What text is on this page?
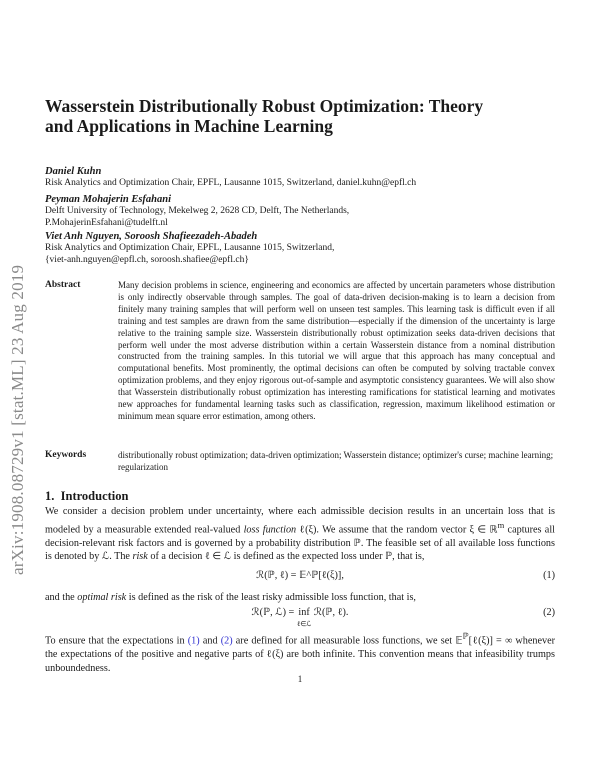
arXiv:1908.08729v1 [stat.ML] 23 Aug 2019
Wasserstein Distributionally Robust Optimization: Theory and Applications in Machine Learning
Daniel Kuhn
Risk Analytics and Optimization Chair, EPFL, Lausanne 1015, Switzerland, daniel.kuhn@epfl.ch
Peyman Mohajerin Esfahani
Delft University of Technology, Mekelweg 2, 2628 CD, Delft, The Netherlands,
P.MohajerinEsfahani@tudelft.nl
Viet Anh Nguyen, Soroosh Shafieezadeh-Abadeh
Risk Analytics and Optimization Chair, EPFL, Lausanne 1015, Switzerland,
{viet-anh.nguyen@epfl.ch, soroosh.shafiee@epfl.ch}
Abstract	Many decision problems in science, engineering and economics are affected by uncertain parameters whose distribution is only indirectly observable through samples. The goal of data-driven decision-making is to learn a decision from finitely many training samples that will perform well on unseen test samples. This learning task is difficult even if all training and test samples are drawn from the same distribution—especially if the dimension of the uncertainty is large relative to the training sample size. Wasserstein distributionally robust optimization seeks data-driven decisions that perform well under the most adverse distribution within a certain Wasserstein distance from a nominal distribution constructed from the training samples. In this tutorial we will argue that this approach has many conceptual and computational benefits. Most prominently, the optimal decisions can often be computed by solving tractable convex optimization problems, and they enjoy rigorous out-of-sample and asymptotic consistency guarantees. We will also show that Wasserstein distributionally robust optimization has interesting ramifications for statistical learning and motivates new approaches for fundamental learning tasks such as classification, regression, maximum likelihood estimation or minimum mean square error estimation, among others.

Keywords	distributionally robust optimization; data-driven optimization; Wasserstein distance; optimizer's curse; machine learning; regularization

1. Introduction

We consider a decision problem under uncertainty, where each admissible decision results in an uncertain loss that is modeled by a measurable extended real-valued loss function ℓ(ξ). We assume that the random vector ξ ∈ ℝ$^m$ captures all decision-relevant risk factors and is governed by a probability distribution ℙ. The feasible set of all available loss functions is denoted by ℒ. The risk of a decision ℓ ∈ ℒ is defined as the expected loss under ℙ, that is,

ℛ(ℙ, ℓ) = 𝔼^ℙ[ℓ(ξ)],	(1)

and the optimal risk is defined as the risk of the least risky admissible loss function, that is,

ℛ(ℙ, ℒ) = inf
ℓ∈ℒ ℛ(ℙ, ℓ).	(2)

To ensure that the expectations in (1) and (2) are defined for all measurable loss functions, we set 𝔼$^ℙ$[ℓ(ξ)] = ∞ whenever the expectations of the positive and negative parts of ℓ(ξ) are both infinite. This convention means that infeasibility trumps unboundedness.

1
